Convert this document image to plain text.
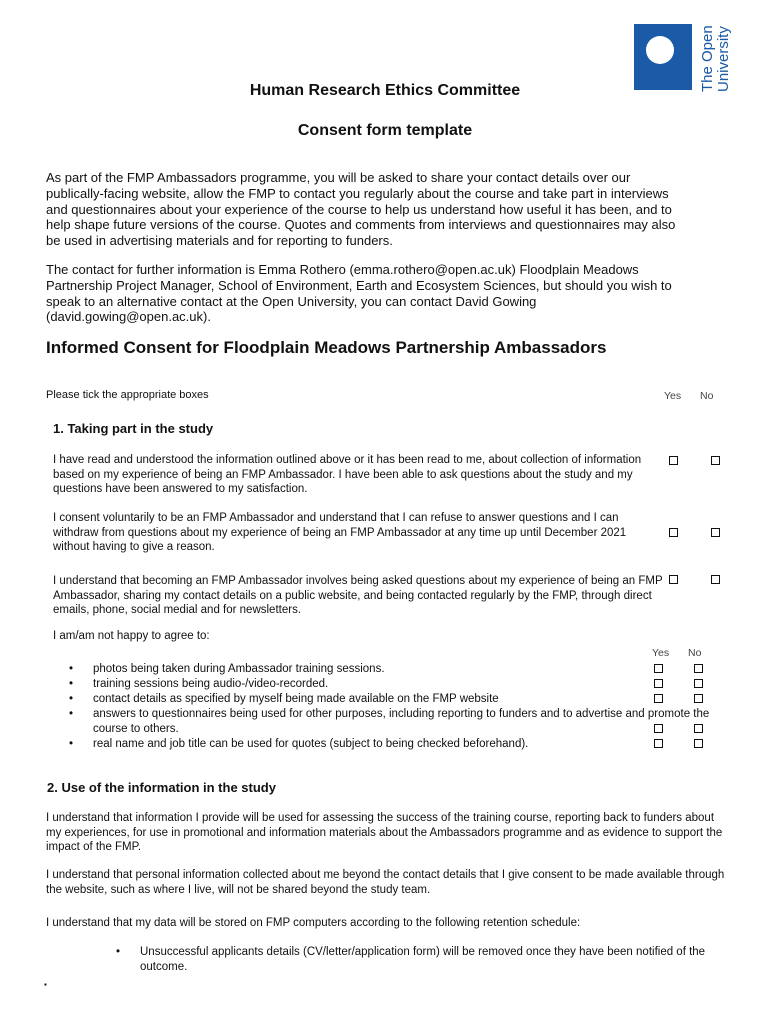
The Open
University
Human Research Ethics Committee
Consent form template
As part of the FMP Ambassadors programme, you will be asked to share your contact details over our publically-facing website, allow the FMP to contact you regularly about the course and take part in interviews and questionnaires about your experience of the course to help us understand how useful it has been, and to help shape future versions of the course. Quotes and comments from interviews and questionnaires may also be used in advertising materials and for reporting to funders.
The contact for further information is Emma Rothero (emma.rothero@open.ac.uk) Floodplain Meadows Partnership Project Manager, School of Environment, Earth and Ecosystem Sciences, but should you wish to speak to an alternative contact at the Open University, you can contact David Gowing (david.gowing@open.ac.uk).
Informed Consent for Floodplain Meadows Partnership Ambassadors
Please tick the appropriate boxes	Yes No
1. Taking part in the study
I have read and understood the information outlined above or it has been read to me, about collection of information based on my experience of being an FMP Ambassador. I have been able to ask questions about the study and my questions have been answered to my satisfaction.
I consent voluntarily to be an FMP Ambassador and understand that I can refuse to answer questions and I can withdraw from questions about my experience of being an FMP Ambassador at any time up until December 2021 without having to give a reason.
I understand that becoming an FMP Ambassador involves being asked questions about my experience of being an FMP Ambassador, sharing my contact details on a public website, and being contacted regularly by the FMP, through direct emails, phone, social medial and for newsletters.
I am/am not happy to agree to:
Yes No
• photos being taken during Ambassador training sessions.
• training sessions being audio-/video-recorded.
• contact details as specified by myself being made available on the FMP website
• answers to questionnaires being used for other purposes, including reporting to funders and to advertise and promote the course to others.
• real name and job title can be used for quotes (subject to being checked beforehand).
2. Use of the information in the study
I understand that information I provide will be used for assessing the success of the training course, reporting back to funders about my experiences, for use in promotional and information materials about the Ambassadors programme and as evidence to support the impact of the FMP.
I understand that personal information collected about me beyond the contact details that I give consent to be made available through the website, such as where I live, will not be shared beyond the study team.
I understand that my data will be stored on FMP computers according to the following retention schedule:
• Unsuccessful applicants details (CV/letter/application form) will be removed once they have been notified of the outcome.
▪
